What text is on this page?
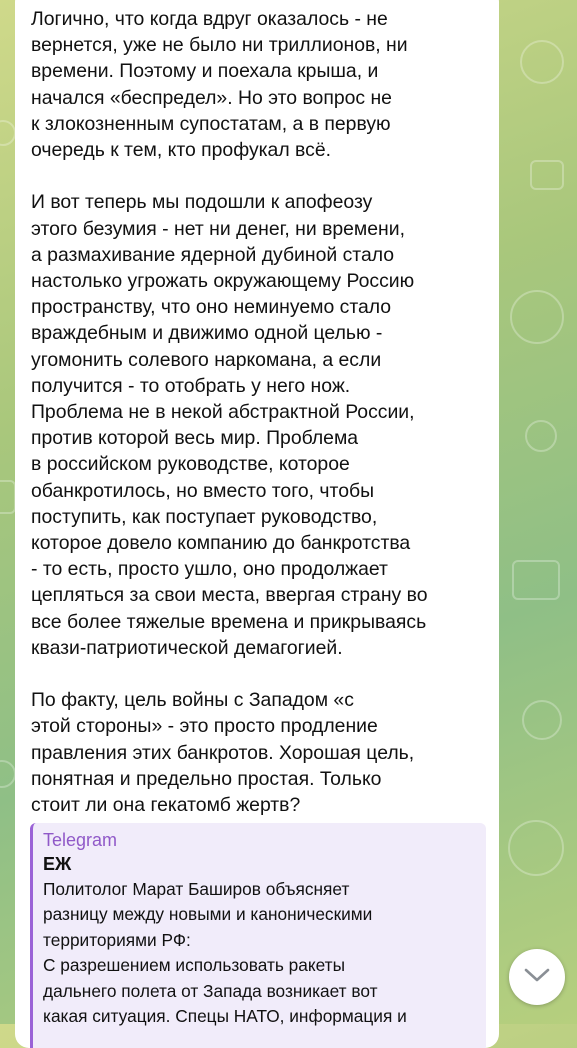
Логично, что когда вдруг оказалось - не
вернется, уже не было ни триллионов, ни
времени. Поэтому и поехала крыша, и
начался «беспредел». Но это вопрос не
к злокозненным супостатам, а в первую
очередь к тем, кто профукал всё.
И вот теперь мы подошли к апофеозу
этого безумия - нет ни денег, ни времени,
а размахивание ядерной дубиной стало
настолько угрожать окружающему Россию
пространству, что оно неминуемо стало
враждебным и движимо одной целью -
угомонить солевого наркомана, а если
получится - то отобрать у него нож.
Проблема не в некой абстрактной России,
против которой весь мир. Проблема
в российском руководстве, которое
обанкротилось, но вместо того, чтобы
поступить, как поступает руководство,
которое довело компанию до банкротства
- то есть, просто ушло, оно продолжает
цепляться за свои места, ввергая страну во
все более тяжелые времена и прикрываясь
квази-патриотической демагогией.
По факту, цель войны с Западом «с
этой стороны» - это просто продление
правления этих банкротов. Хорошая цель,
понятная и предельно простая. Только
стоит ли она гекатомб жертв?
Telegram
ЕЖ
Политолог Марат Баширов объясняет
разницу между новыми и каноническими
территориями РФ:
С разрешением использовать ракеты
дальнего полета от Запада возникает вот
какая ситуация. Спецы НАТО, информация и
